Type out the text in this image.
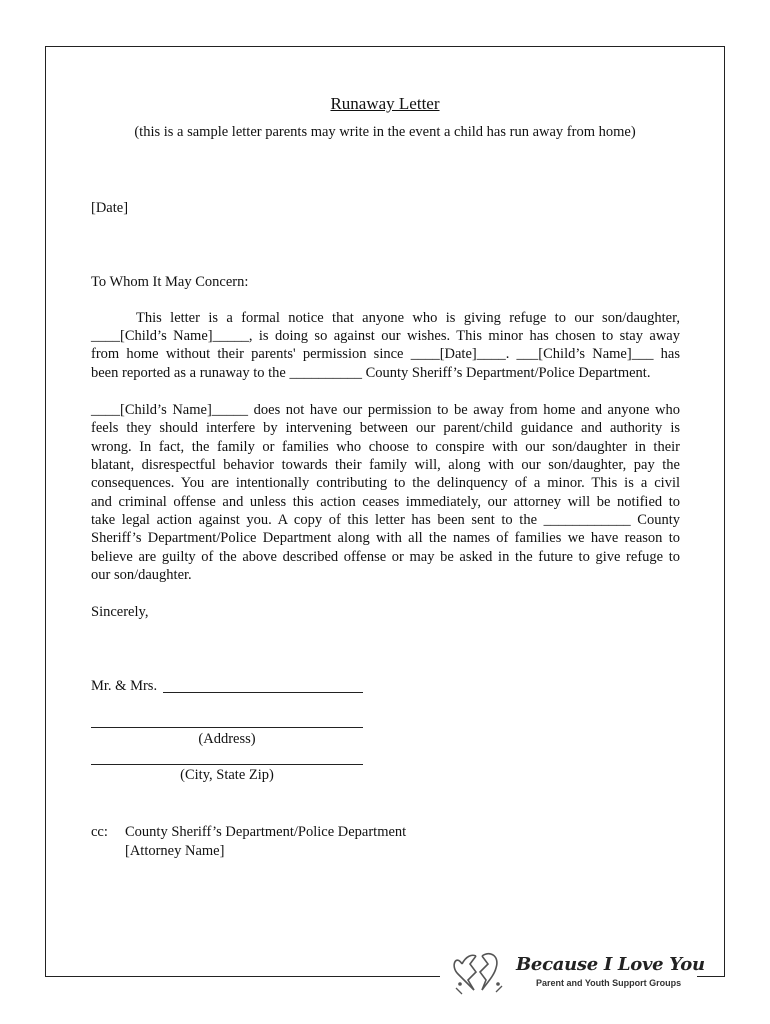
Runaway Letter
(this is a sample letter parents may write in the event a child has run away from home)
[Date]
To Whom It May Concern:
This letter is a formal notice that anyone who is giving refuge to our son/daughter,
____[Child’s Name]_____, is doing so against our wishes. This minor has chosen to stay away
from home without their parents' permission since ____[Date]____. ___[Child’s Name]___ has
been reported as a runaway to the __________ County Sheriff’s Department/Police Department.
____[Child’s Name]_____ does not have our permission to be away from home and anyone who
feels they should interfere by intervening between our parent/child guidance and authority is
wrong. In fact, the family or families who choose to conspire with our son/daughter in their
blatant, disrespectful behavior towards their family will, along with our son/daughter, pay the
consequences. You are intentionally contributing to the delinquency of a minor. This is a civil
and criminal offense and unless this action ceases immediately, our attorney will be notified to
take legal action against you. A copy of this letter has been sent to the ____________ County
Sheriff’s Department/Police Department along with all the names of families we have reason to
believe are guilty of the above described offense or may be asked in the future to give refuge to
our son/daughter.
Sincerely,
Mr. & Mrs.
(Address)
(City, State Zip)
cc: County Sheriff’s Department/Police Department
[Attorney Name]
Because I Love You
Parent and Youth Support Groups
